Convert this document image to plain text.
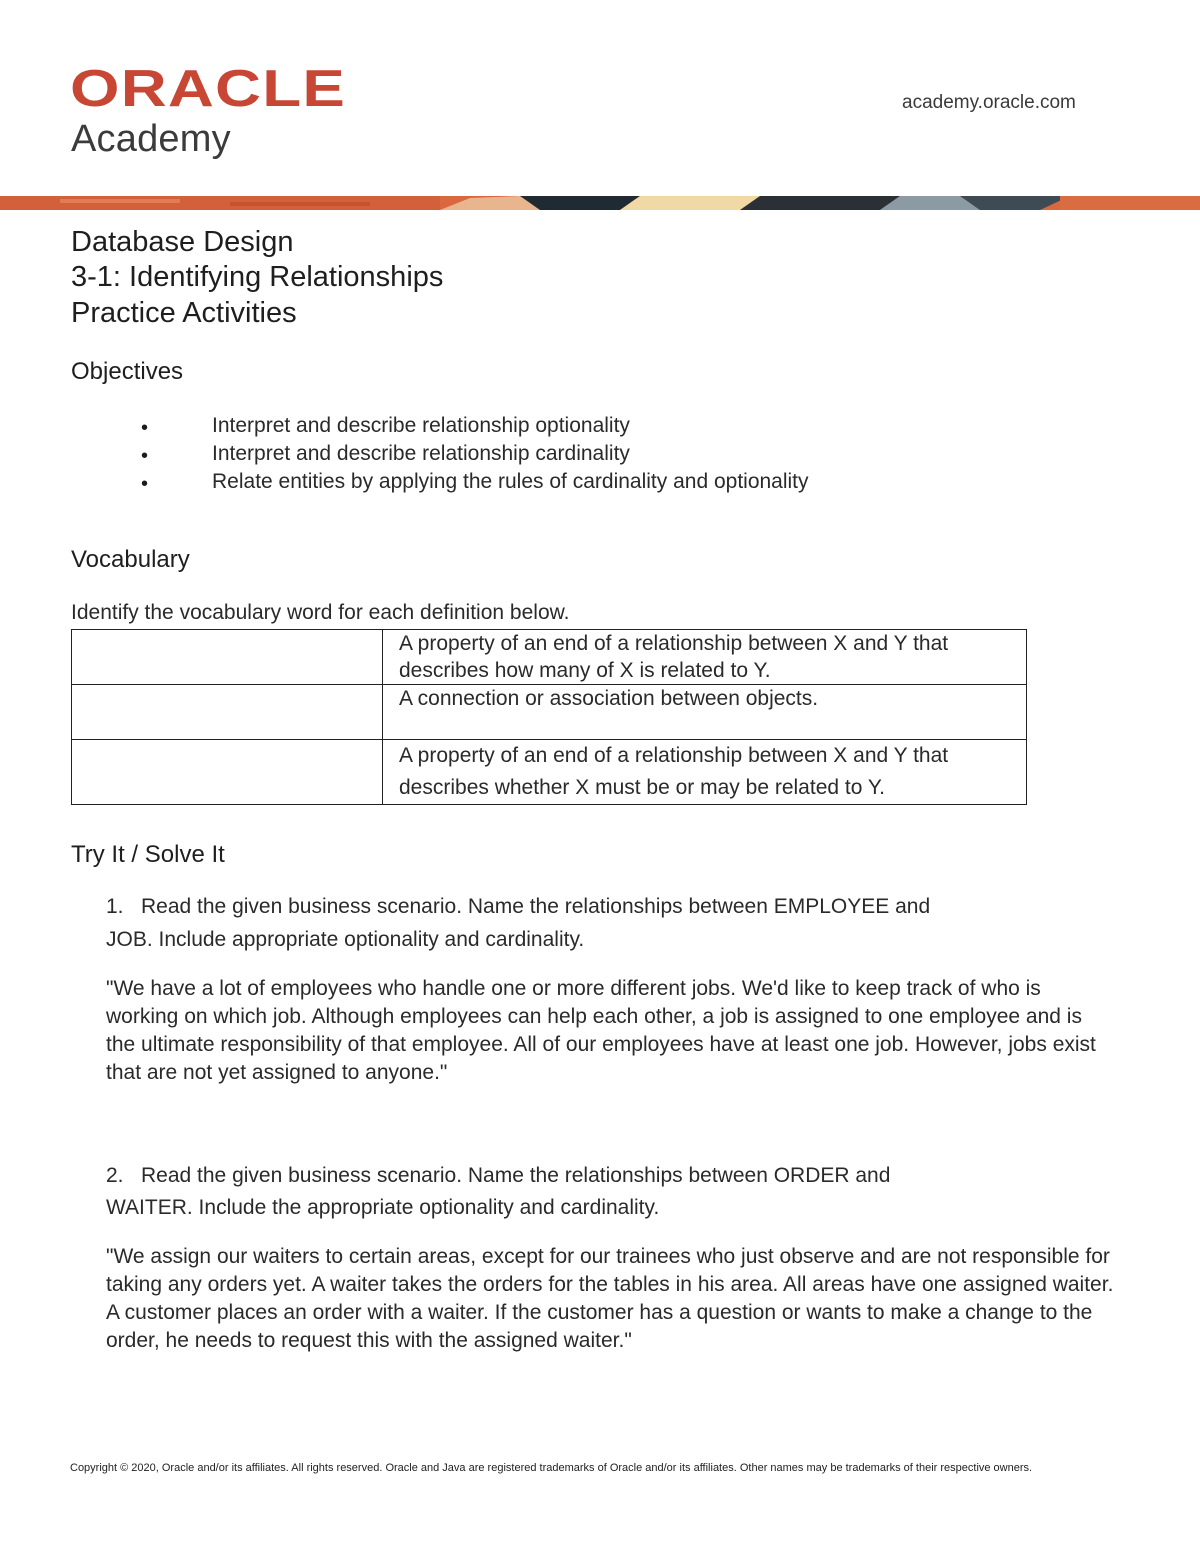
ORACLE
Academy
academy.oracle.com
Database Design
3-1: Identifying Relationships
Practice Activities
Objectives
•	Interpret and describe relationship optionality
•	Interpret and describe relationship cardinality
•	Relate entities by applying the rules of cardinality and optionality
Vocabulary
Identify the vocabulary word for each definition below.
	A property of an end of a relationship between X and Y that describes how many of X is related to Y.
	A connection or association between objects.
	A property of an end of a relationship between X and Y that describes whether X must be or may be related to Y.
Try It / Solve It
1. Read the given business scenario. Name the relationships between EMPLOYEE and
JOB. Include appropriate optionality and cardinality.
"We have a lot of employees who handle one or more different jobs. We'd like to keep track of who is working on which job. Although employees can help each other, a job is assigned to one employee and is the ultimate responsibility of that employee. All of our employees have at least one job. However, jobs exist that are not yet assigned to anyone."
2. Read the given business scenario. Name the relationships between ORDER and
WAITER. Include the appropriate optionality and cardinality.
"We assign our waiters to certain areas, except for our trainees who just observe and are not responsible for taking any orders yet. A waiter takes the orders for the tables in his area. All areas have one assigned waiter. A customer places an order with a waiter. If the customer has a question or wants to make a change to the order, he needs to request this with the assigned waiter."
Copyright © 2020, Oracle and/or its affiliates. All rights reserved. Oracle and Java are registered trademarks of Oracle and/or its affiliates. Other names may be trademarks of their respective owners.
